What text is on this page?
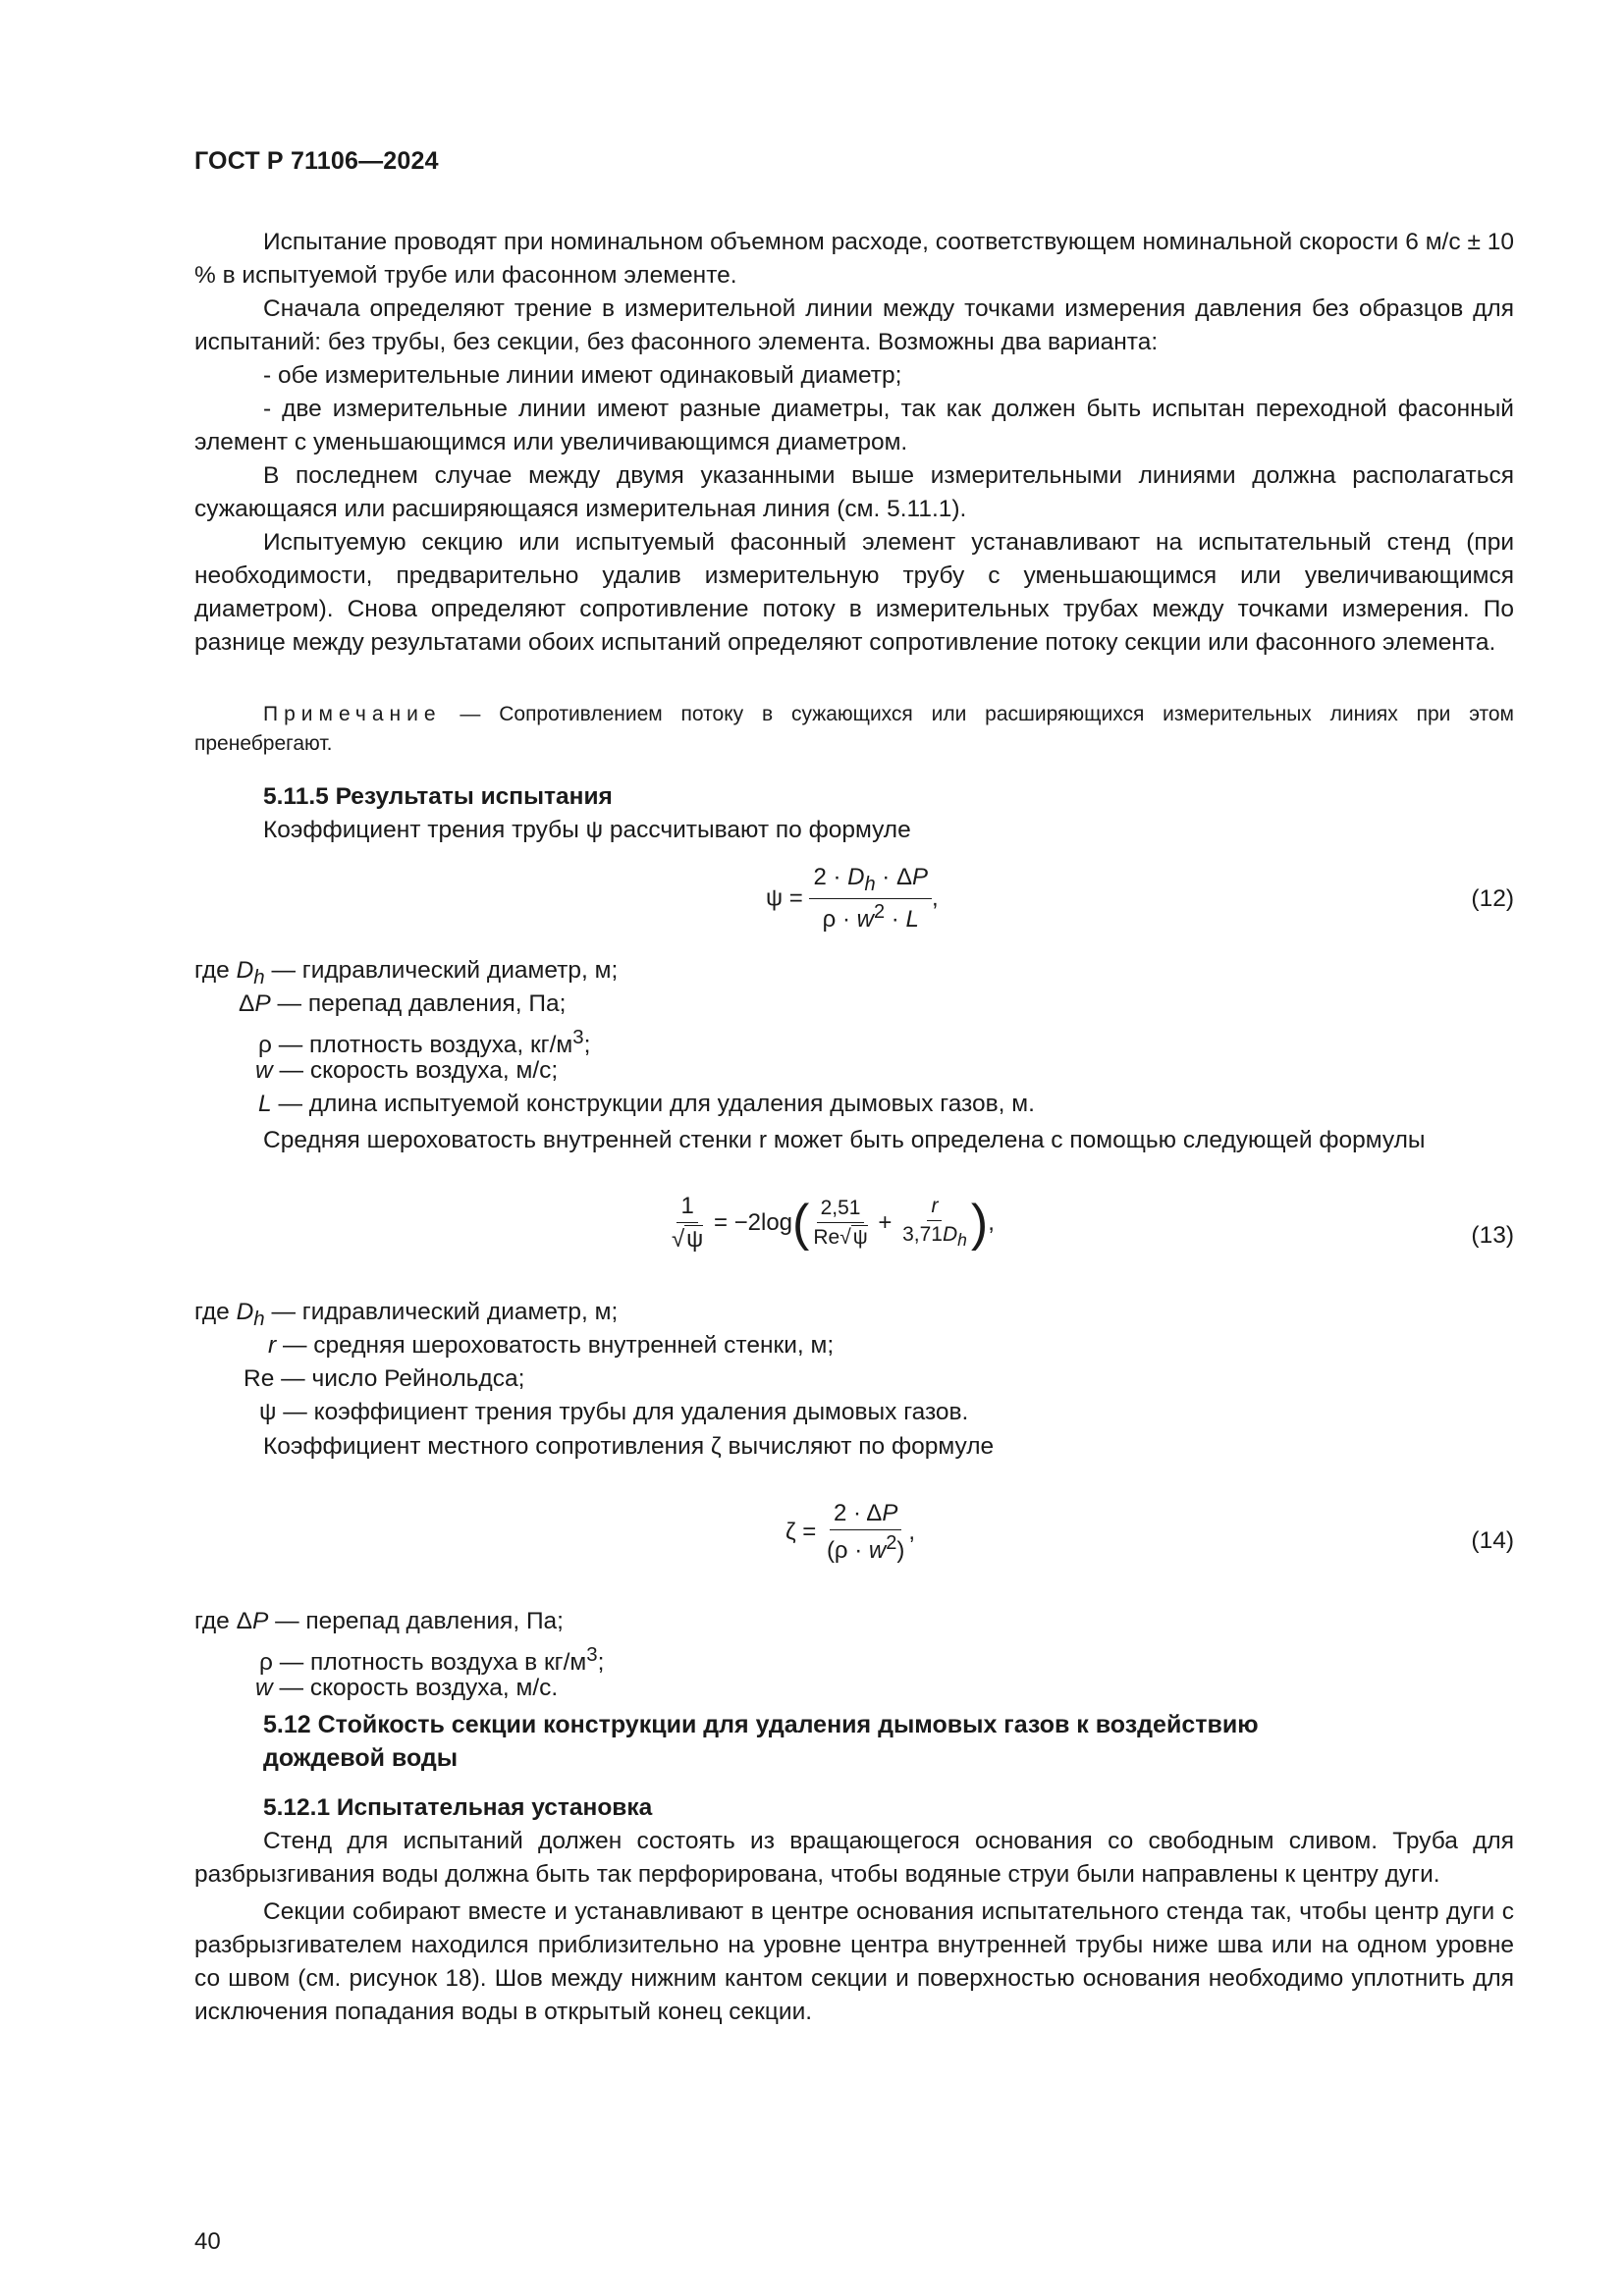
ГОСТ Р 71106—2024

Испытание проводят при номинальном объемном расходе, соответствующем номинальной скорости 6 м/с ± 10 % в испытуемой трубе или фасонном элементе.

Сначала определяют трение в измерительной линии между точками измерения давления без образцов для испытаний: без трубы, без секции, без фасонного элемента. Возможны два варианта:

- обе измерительные линии имеют одинаковый диаметр;

- две измерительные линии имеют разные диаметры, так как должен быть испытан переходной фасонный элемент с уменьшающимся или увеличивающимся диаметром.

В последнем случае между двумя указанными выше измерительными линиями должна располагаться сужающаяся или расширяющаяся измерительная линия (см. 5.11.1).

Испытуемую секцию или испытуемый фасонный элемент устанавливают на испытательный стенд (при необходимости, предварительно удалив измерительную трубу с уменьшающимся или увеличивающимся диаметром). Снова определяют сопротивление потоку в измерительных трубах между точками измерения. По разнице между результатами обоих испытаний определяют сопротивление потоку секции или фасонного элемента.

Примечание — Сопротивлением потоку в сужающихся или расширяющихся измерительных линиях при этом пренебрегают.

5.11.5 Результаты испытания

Коэффициент трения трубы ψ рассчитывают по формуле

$\psi = \frac{2 \cdot D_h \cdot \Delta P}{\rho \cdot w^2 \cdot L}$ ,	(12)
где $D_h$ — гидравлический диаметр, м;
ΔP — перепад давления, Па;
ρ — плотность воздуха, $кг/м^3$;
w — скорость воздуха, м/с;
L — длина испытуемой конструкции для удаления дымовых газов, м.

Средняя шероховатость внутренней стенки r может быть определена с помощью следующей формулы

$\frac{1}{√\psi} = -2\log( \frac{2,51}{Re√\psi} + \frac{r}{3,71D_h}$ ),	(13)
где $D_h$ — гидравлический диаметр, м;
r — средняя шероховатость внутренней стенки, м;
Re — число Рейнольдса;
ψ — коэффициент трения трубы для удаления дымовых газов.

Коэффициент местного сопротивления ζ вычисляют по формуле

$\zeta = \frac{2 \cdot \Delta P}{(\rho \cdot w^2)}$ ,	(14)
где ΔP — перепад давления, Па;
ρ — плотность воздуха в $кг/м^3$;
w — скорость воздуха, м/с.
5.12 Стойкость секции конструкции для удаления дымовых газов к воздействию дождевой воды
5.12.1 Испытательная установка

Стенд для испытаний должен состоять из вращающегося основания со свободным сливом. Труба для разбрызгивания воды должна быть так перфорирована, чтобы водяные струи были направлены к центру дуги.

Секции собирают вместе и устанавливают в центре основания испытательного стенда так, чтобы центр дуги с разбрызгивателем находился приблизительно на уровне центра внутренней трубы ниже шва или на одном уровне со швом (см. рисунок 18). Шов между нижним кантом секции и поверхностью основания необходимо уплотнить для исключения попадания воды в открытый конец секции.

40
